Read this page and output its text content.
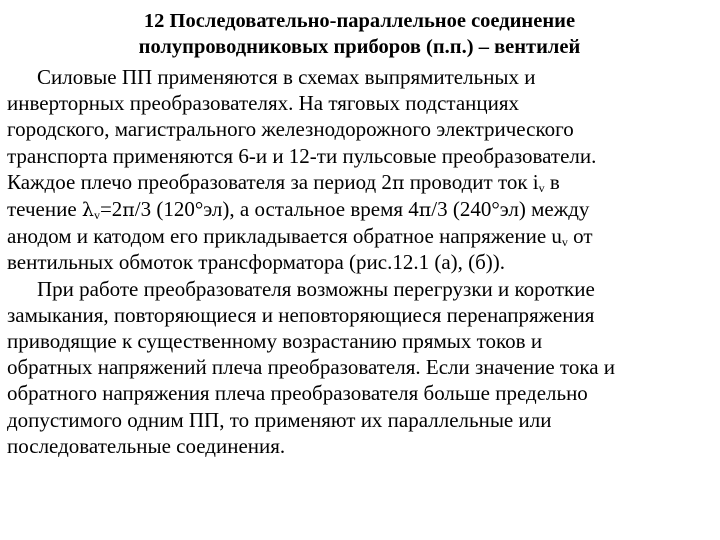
12 Последовательно-параллельное соединение
полупроводниковых приборов (п.п.) – вентилей

Силовые ПП применяются в схемах выпрямительных и
инверторных преобразователях. На тяговых подстанциях
городского, магистрального железнодорожного электрического
транспорта применяются 6-и и 12-ти пульсовые преобразователи.
Каждое плечо преобразователя за период 2π проводит ток $i_v$ в
течение $\lambda_v=2\pi/3$ (120°эл), а остальное время 4π/3 (240°эл) между
анодом и катодом его прикладывается обратное напряжение $u_v$ от
вентильных обмоток трансформатора (рис.12.1 (а), (б)).

При работе преобразователя возможны перегрузки и короткие
замыкания, повторяющиеся и неповторяющиеся перенапряжения
приводящие к существенному возрастанию прямых токов и
обратных напряжений плеча преобразователя. Если значение тока и
обратного напряжения плеча преобразователя больше предельно
допустимого одним ПП, то применяют их параллельные или
последовательные соединения.
